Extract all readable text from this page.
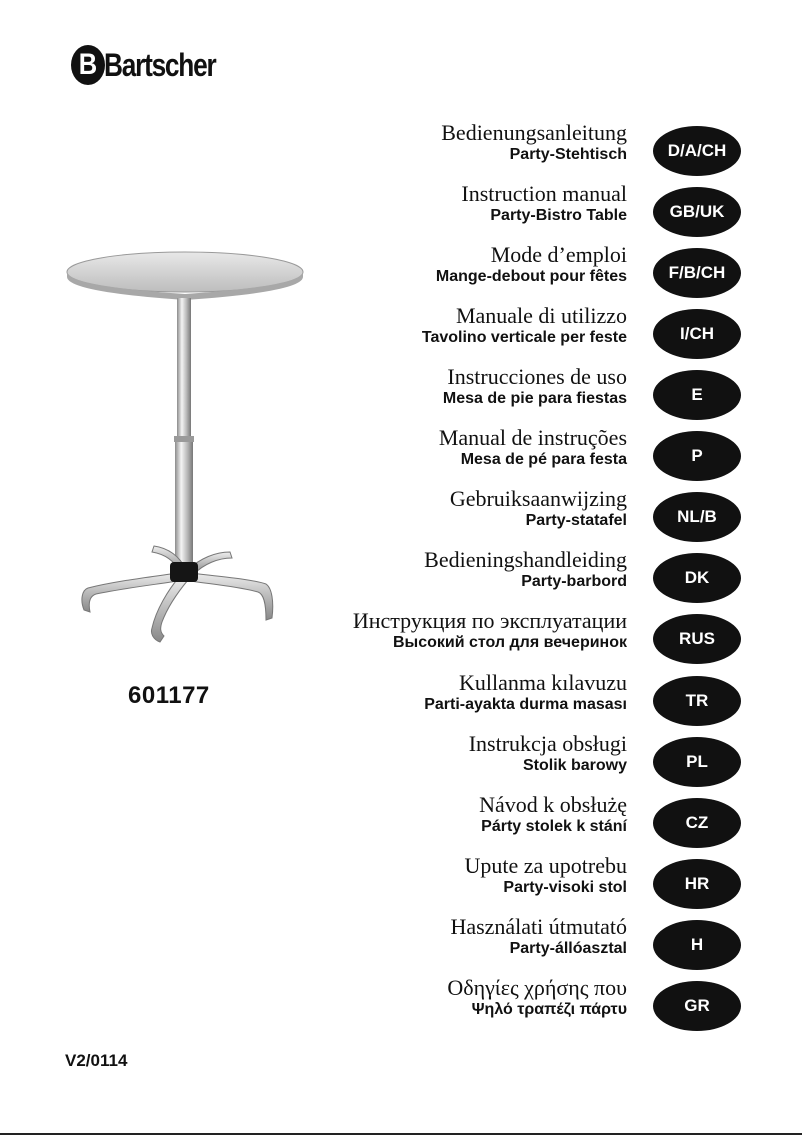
B Bartscher
601177
V2/0114
Bedienungsanleitung
Party-Stehtisch	D/A/CH
Instruction manual
Party-Bistro Table	GB/UK
Mode d’emploi
Mange-debout pour fêtes	F/B/CH
Manuale di utilizzo
Tavolino verticale per feste	I/CH
Instrucciones de uso
Mesa de pie para fiestas	E
Manual de instruções
Mesa de pé para festa	P
Gebruiksaanwijzing
Party-statafel	NL/B
Bedieningshandleiding
Party-barbord	DK
Инструкция по эксплуатации
Высокий стол для вечеринок	RUS
Kullanma kılavuzu
Parti-ayakta durma masası	TR
Instrukcja obsługi
Stolik barowy	PL
Návod k obsłużę
Párty stolek k stání	CZ
Upute za upotrebu
Party-visoki stol	HR
Használati útmutató
Party-állóasztal	H
Οδηγίες χρήσης που
Ψηλό τραπέζι πάρτυ	GR
